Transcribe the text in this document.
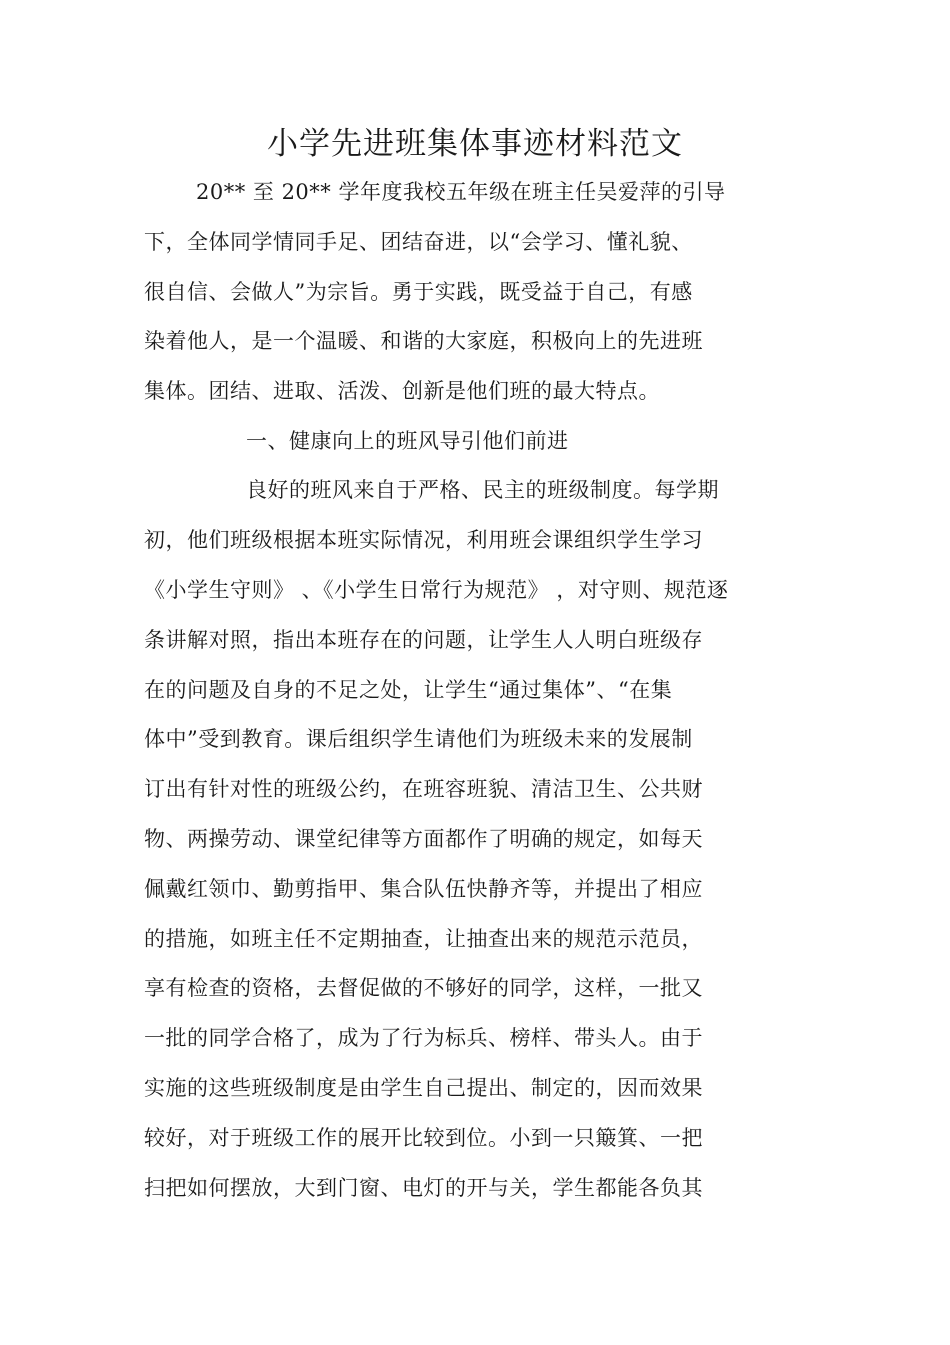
小学先进班集体事迹材料范文
20** 至 20** 学年度我校五年级在班主任吴爱萍的引导
下，全体同学情同手足、团结奋进，以“会学习、懂礼貌、
很自信、会做人”为宗旨。勇于实践，既受益于自己，有感
染着他人，是一个温暖、和谐的大家庭，积极向上的先进班
集体。团结、进取、活泼、创新是他们班的最大特点。
一、健康向上的班风导引他们前进
良好的班风来自于严格、民主的班级制度。每学期
初，他们班级根据本班实际情况，利用班会课组织学生学习
《小学生守则》 、《小学生日常行为规范》 ，对守则、规范逐
条讲解对照，指出本班存在的问题，让学生人人明白班级存
在的问题及自身的不足之处，让学生“通过集体”、“在集
体中”受到教育。课后组织学生请他们为班级未来的发展制
订出有针对性的班级公约，在班容班貌、清洁卫生、公共财
物、两操劳动、课堂纪律等方面都作了明确的规定，如每天
佩戴红领巾、勤剪指甲、集合队伍快静齐等，并提出了相应
的措施，如班主任不定期抽查，让抽查出来的规范示范员，
享有检查的资格，去督促做的不够好的同学，这样，一批又
一批的同学合格了，成为了行为标兵、榜样、带头人。由于
实施的这些班级制度是由学生自己提出、制定的，因而效果
较好，对于班级工作的展开比较到位。小到一只簸箕、一把
扫把如何摆放，大到门窗、电灯的开与关，学生都能各负其
